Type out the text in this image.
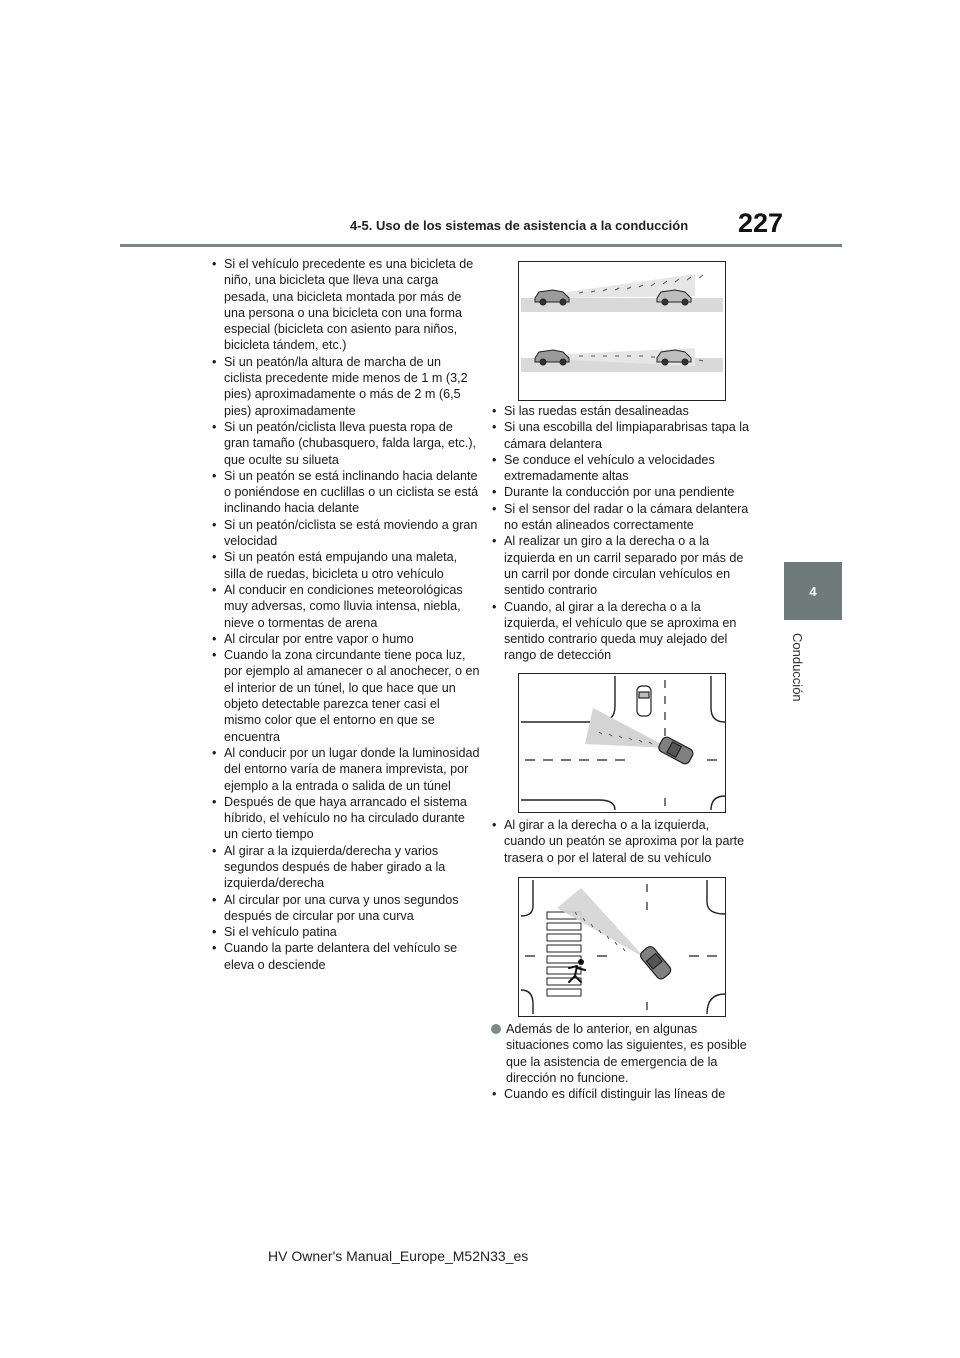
4-5. Uso de los sistemas de asistencia a la conducción 227
4
Conducción
• Si el vehículo precedente es una bicicleta de niño, una bicicleta que lleva una carga pesada, una bicicleta montada por más de una persona o una bicicleta con una forma especial (bicicleta con asiento para niños, bicicleta tándem, etc.)
• Si un peatón/la altura de marcha de un ciclista precedente mide menos de 1 m (3,2 pies) aproximadamente o más de 2 m (6,5 pies) aproximadamente
• Si un peatón/ciclista lleva puesta ropa de gran tamaño (chubasquero, falda larga, etc.), que oculte su silueta
• Si un peatón se está inclinando hacia delante o poniéndose en cuclillas o un ciclista se está inclinando hacia delante
• Si un peatón/ciclista se está moviendo a gran velocidad
• Si un peatón está empujando una maleta, silla de ruedas, bicicleta u otro vehículo
• Al conducir en condiciones meteorológicas muy adversas, como lluvia intensa, niebla, nieve o tormentas de arena
• Al circular por entre vapor o humo
• Cuando la zona circundante tiene poca luz, por ejemplo al amanecer o al anochecer, o en el interior de un túnel, lo que hace que un objeto detectable parezca tener casi el mismo color que el entorno en que se encuentra
• Al conducir por un lugar donde la luminosidad del entorno varía de manera imprevista, por ejemplo a la entrada o salida de un túnel
• Después de que haya arrancado el sistema híbrido, el vehículo no ha circulado durante un cierto tiempo
• Al girar a la izquierda/derecha y varios segundos después de haber girado a la izquierda/derecha
• Al circular por una curva y unos segundos después de circular por una curva
• Si el vehículo patina
• Cuando la parte delantera del vehículo se eleva o desciende
• Si las ruedas están desalineadas
• Si una escobilla del limpiaparabrisas tapa la cámara delantera
• Se conduce el vehículo a velocidades extremadamente altas
• Durante la conducción por una pendiente
• Si el sensor del radar o la cámara delantera no están alineados correctamente
• Al realizar un giro a la derecha o a la izquierda en un carril separado por más de un carril por donde circulan vehículos en sentido contrario
• Cuando, al girar a la derecha o a la izquierda, el vehículo que se aproxima en sentido contrario queda muy alejado del rango de detección
• Al girar a la derecha o a la izquierda, cuando un peatón se aproxima por la parte trasera o por el lateral de su vehículo
Además de lo anterior, en algunas situaciones como las siguientes, es posible que la asistencia de emergencia de la dirección no funcione.
• Cuando es difícil distinguir las líneas de
HV Owner's Manual_Europe_M52N33_es
